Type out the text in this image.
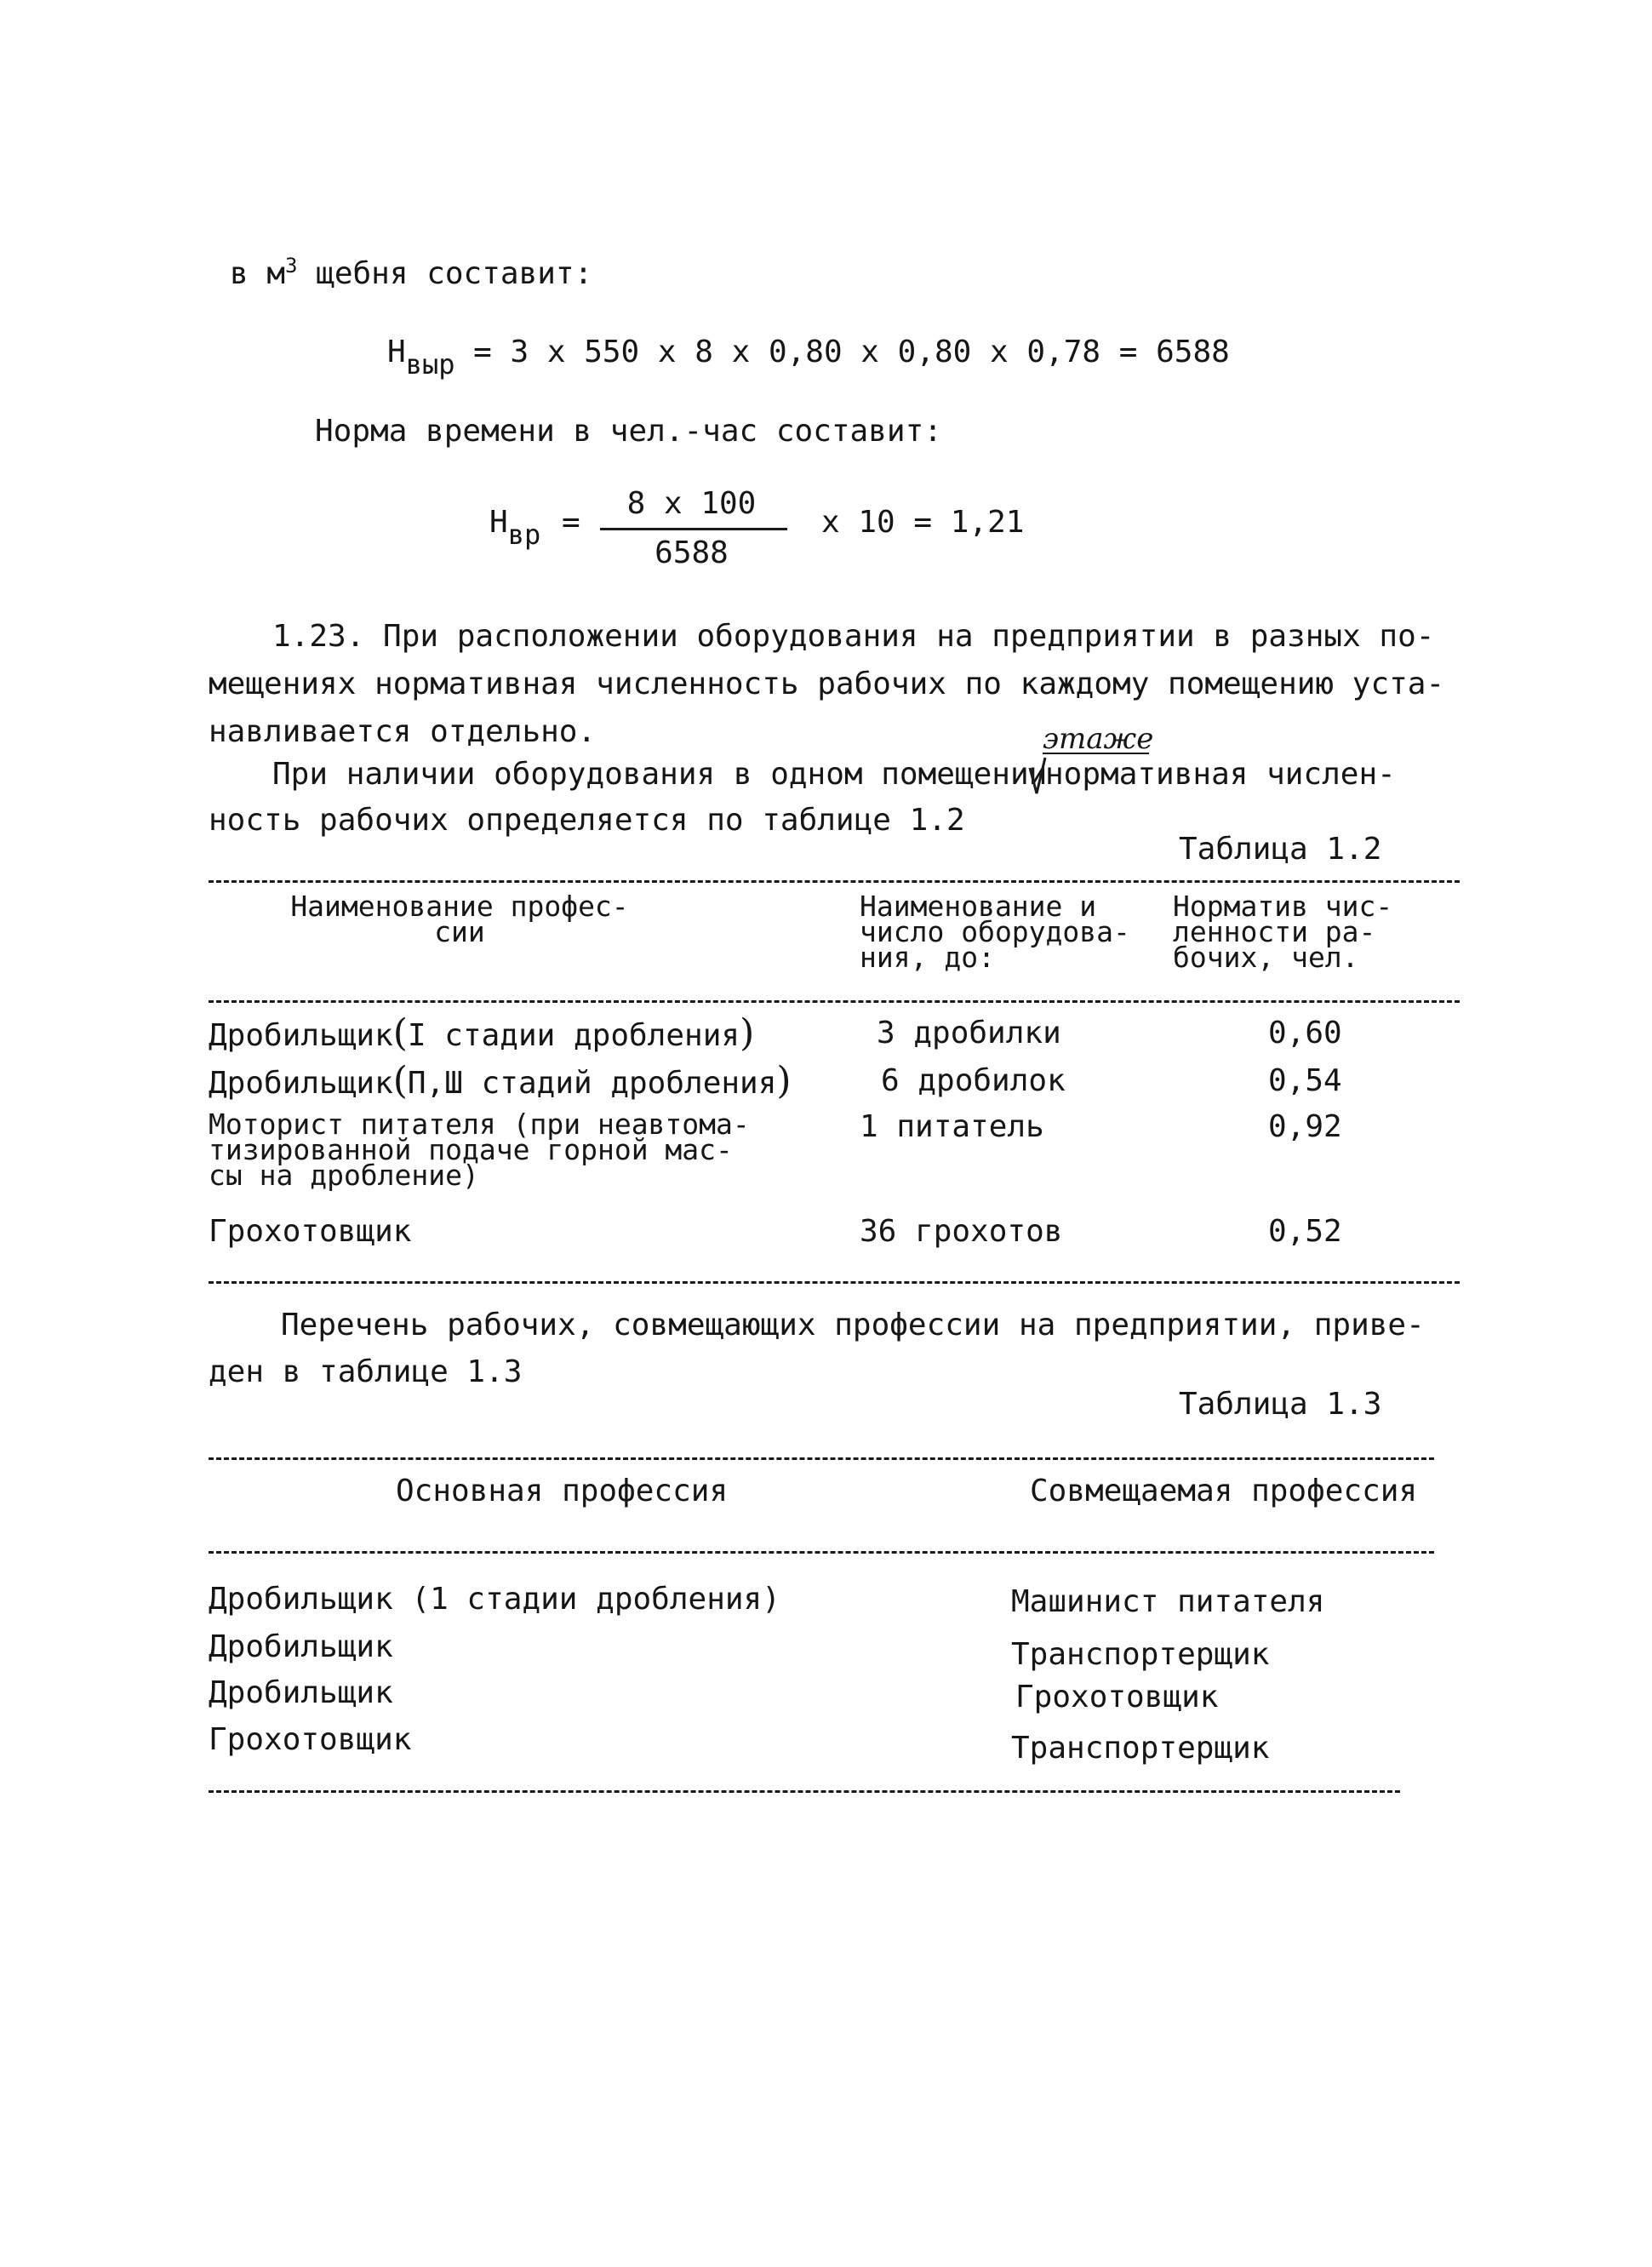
в $м^3$ щебня составит:
$Н_{выр} = 3$ х 550 х 8 х 0,80 х 0,80 х 0,78 = 6588
Норма времени в чел.-час составит:
$Н_{вр}$ =
8 х 100
6588
х 10 = 1,21
1.23. При расположении оборудования на предприятии в разных по-
мещениях нормативная численность рабочих по каждому помещению уста-
навливается отдельно.	этаже
При наличии оборудования в одном помещении
нормативная числен-
ность рабочих определяется по таблице 1.2
Таблица 1.2
Наименование профес-
сии
Наименование и
число оборудова-
ния, до:
Норматив чис-
ленности ра-
бочих, чел.
Дробильщик(I стадии дробления)	3 дробилки	0,60
Дробильщик(П,Ш стадий дробления)	6 дробилок	0,54
Моторист питателя (при неавтома-
тизированной подаче горной мас-
сы на дробление)
1 питатель	0,92
Грохотовщик	36 грохотов	0,52
Перечень рабочих, совмещающих профессии на предприятии, приве-
ден в таблице 1.3
Таблица 1.3
Основная профессия	Совмещаемая профессия
Дробильщик (1 стадии дробления)	Машинист питателя
Дробильщик	Транспортерщик
Дробильщик	Грохотовщик
Грохотовщик	Транспортерщик
